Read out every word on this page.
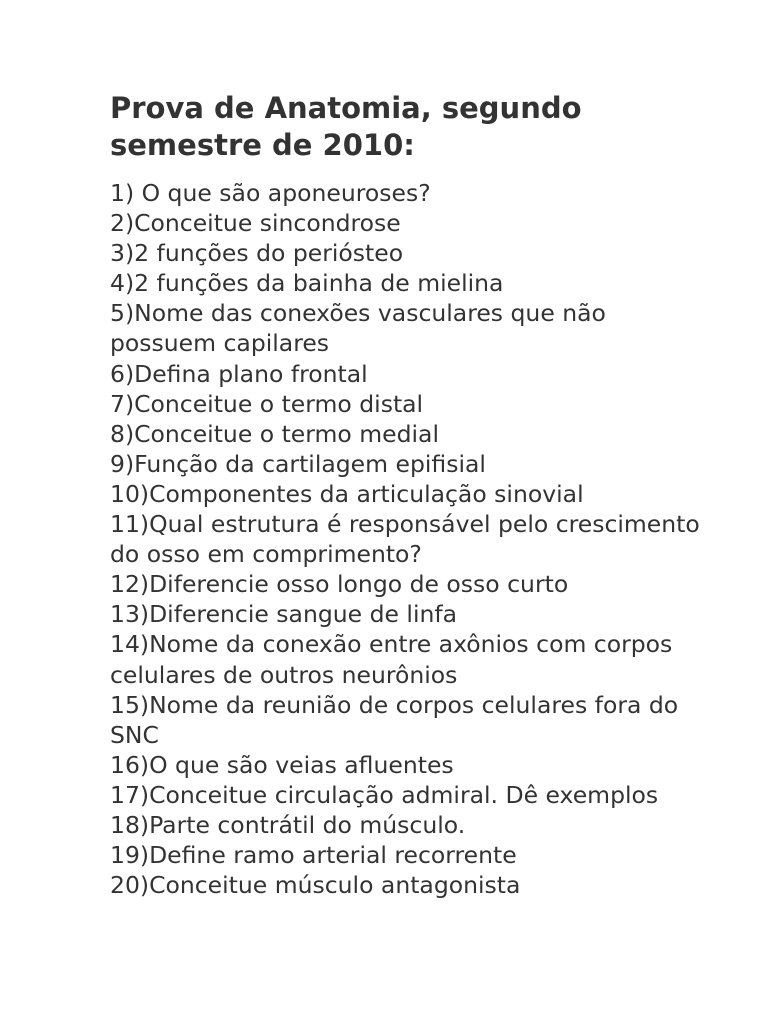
Prova de Anatomia, segundo semestre de 2010:
1) O que são aponeuroses?
2)Conceitue sincondrose
3)2 funções do periósteo
4)2 funções da bainha de mielina
5)Nome das conexões vasculares que não possuem capilares
6)Defina plano frontal
7)Conceitue o termo distal
8)Conceitue o termo medial
9)Função da cartilagem epifisial
10)Componentes da articulação sinovial
11)Qual estrutura é responsável pelo crescimento do osso em comprimento?
12)Diferencie osso longo de osso curto
13)Diferencie sangue de linfa
14)Nome da conexão entre axônios com corpos celulares de outros neurônios
15)Nome da reunião de corpos celulares fora do SNC
16)O que são veias afluentes
17)Conceitue circulação admiral. Dê exemplos
18)Parte contrátil do músculo.
19)Define ramo arterial recorrente
20)Conceitue músculo antagonista
